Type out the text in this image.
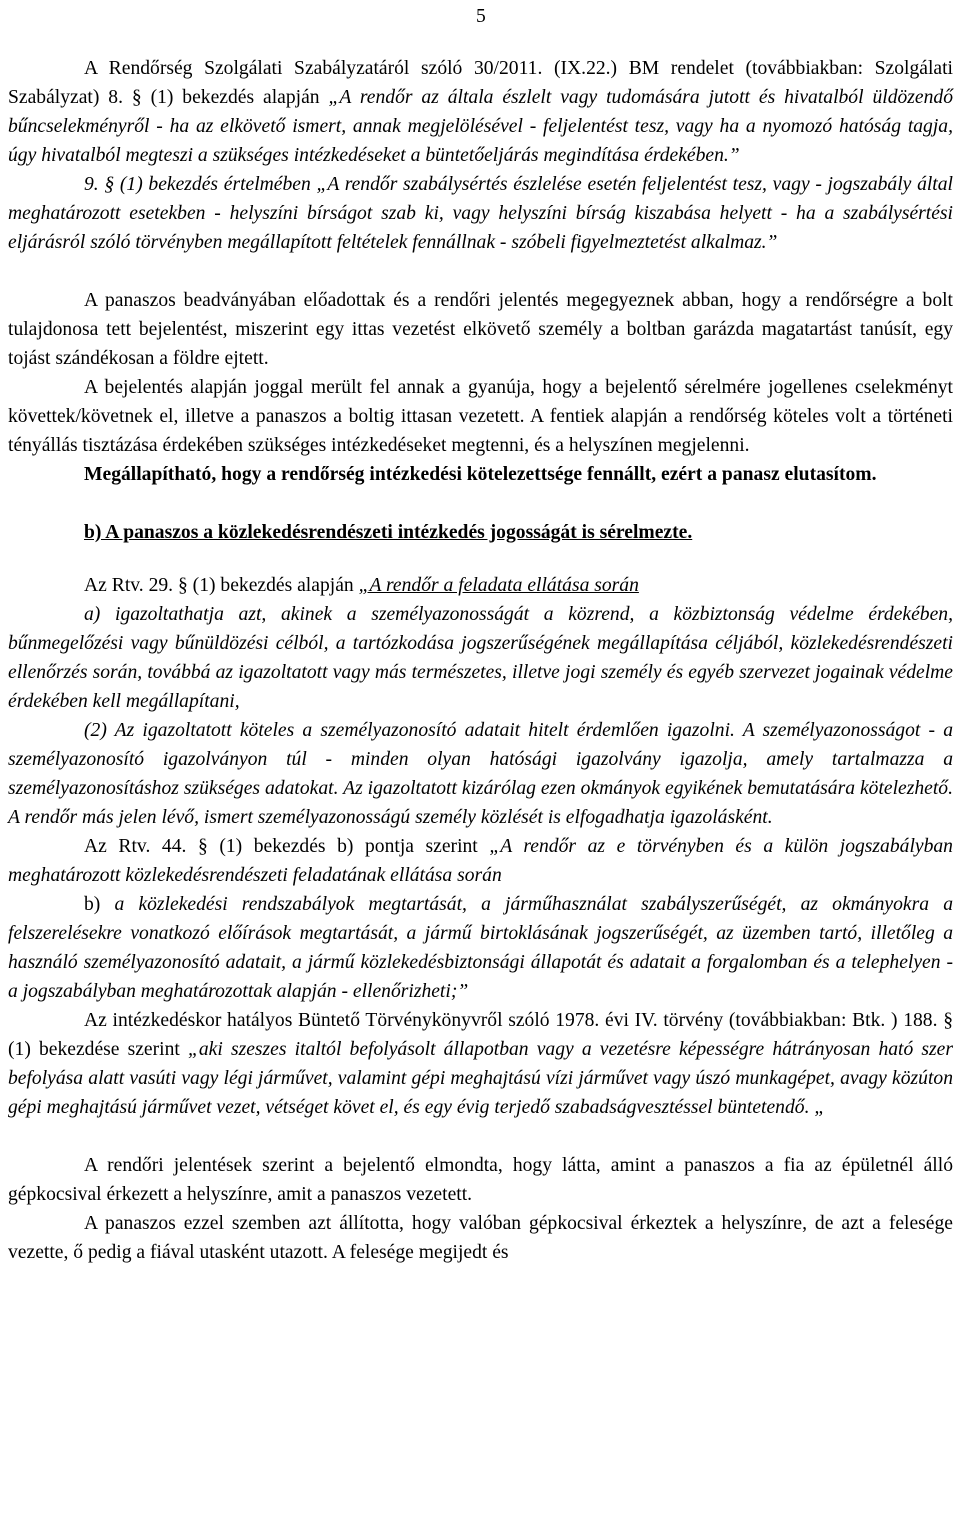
5

A Rendőrség Szolgálati Szabályzatáról szóló 30/2011. (IX.22.) BM rendelet (továbbiakban: Szolgálati Szabályzat) 8. § (1) bekezdés alapján „A rendőr az általa észlelt vagy tudomására jutott és hivatalból üldözendő bűncselekményről - ha az elkövető ismert, annak megjelölésével - feljelentést tesz, vagy ha a nyomozó hatóság tagja, úgy hivatalból megteszi a szükséges intézkedéseket a büntetőeljárás megindítása érdekében.”

9. § (1) bekezdés értelmében „A rendőr szabálysértés észlelése esetén feljelentést tesz, vagy - jogszabály által meghatározott esetekben - helyszíni bírságot szab ki, vagy helyszíni bírság kiszabása helyett - ha a szabálysértési eljárásról szóló törvényben megállapított feltételek fennállnak - szóbeli figyelmeztetést alkalmaz.”

A panaszos beadványában előadottak és a rendőri jelentés megegyeznek abban, hogy a rendőrségre a bolt tulajdonosa tett bejelentést, miszerint egy ittas vezetést elkövető személy a boltban garázda magatartást tanúsít, egy tojást szándékosan a földre ejtett.

A bejelentés alapján joggal merült fel annak a gyanúja, hogy a bejelentő sérelmére jogellenes cselekményt követtek/követnek el, illetve a panaszos a boltig ittasan vezetett. A fentiek alapján a rendőrség köteles volt a történeti tényállás tisztázása érdekében szükséges intézkedéseket megtenni, és a helyszínen megjelenni.

Megállapítható, hogy a rendőrség intézkedési kötelezettsége fennállt, ezért a panasz elutasítom.

b) A panaszos a közlekedésrendészeti intézkedés jogosságát is sérelmezte.

Az Rtv. 29. § (1) bekezdés alapján „A rendőr a feladata ellátása során

a) igazoltathatja azt, akinek a személyazonosságát a közrend, a közbiztonság védelme érdekében, bűnmegelőzési vagy bűnüldözési célból, a tartózkodása jogszerűségének megállapítása céljából, közlekedésrendészeti ellenőrzés során, továbbá az igazoltatott vagy más természetes, illetve jogi személy és egyéb szervezet jogainak védelme érdekében kell megállapítani,

(2) Az igazoltatott köteles a személyazonosító adatait hitelt érdemlően igazolni. A személyazonosságot - a személyazonosító igazolványon túl - minden olyan hatósági igazolvány igazolja, amely tartalmazza a személyazonosításhoz szükséges adatokat. Az igazoltatott kizárólag ezen okmányok egyikének bemutatására kötelezhető. A rendőr más jelen lévő, ismert személyazonosságú személy közlését is elfogadhatja igazolásként.

Az Rtv. 44. § (1) bekezdés b) pontja szerint „A rendőr az e törvényben és a külön jogszabályban meghatározott közlekedésrendészeti feladatának ellátása során

b) a közlekedési rendszabályok megtartását, a járműhasználat szabályszerűségét, az okmányokra a felszerelésekre vonatkozó előírások megtartását, a jármű birtoklásának jogszerűségét, az üzemben tartó, illetőleg a használó személyazonosító adatait, a jármű közlekedésbiztonsági állapotát és adatait a forgalomban és a telephelyen - a jogszabályban meghatározottak alapján - ellenőrizheti;”

Az intézkedéskor hatályos Büntető Törvénykönyvről szóló 1978. évi IV. törvény (továbbiakban: Btk. ) 188. § (1) bekezdése szerint „aki szeszes italtól befolyásolt állapotban vagy a vezetésre képességre hátrányosan ható szer befolyása alatt vasúti vagy légi járművet, valamint gépi meghajtású vízi járművet vagy úszó munkagépet, avagy közúton gépi meghajtású járművet vezet, vétséget követ el, és egy évig terjedő szabadságvesztéssel büntetendő. „

A rendőri jelentések szerint a bejelentő elmondta, hogy látta, amint a panaszos a fia az épületnél álló gépkocsival érkezett a helyszínre, amit a panaszos vezetett.

A panaszos ezzel szemben azt állította, hogy valóban gépkocsival érkeztek a helyszínre, de azt a felesége vezette, ő pedig a fiával utasként utazott. A felesége megijedt és
